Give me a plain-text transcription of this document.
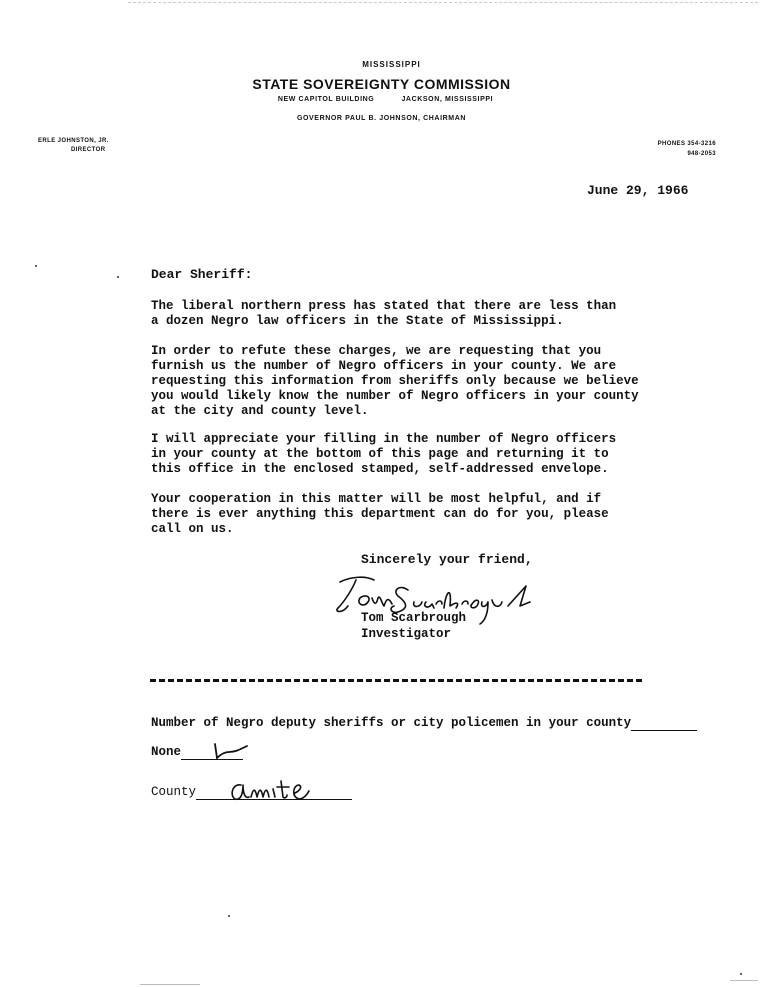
MISSISSIPPI
STATE SOVEREIGNTY COMMISSION
NEW CAPITOL BUILDING	JACKSON, MISSISSIPPI
GOVERNOR PAUL B. JOHNSON, CHAIRMAN
ERLE JOHNSTON, JR.
DIRECTOR
PHONES 354-3216
948-2053
June 29, 1966
Dear Sheriff:
The liberal northern press has stated that there are less than
a dozen Negro law officers in the State of Mississippi.
In order to refute these charges, we are requesting that you
furnish us the number of Negro officers in your county. We are
requesting this information from sheriffs only because we believe
you would likely know the number of Negro officers in your county
at the city and county level.
I will appreciate your filling in the number of Negro officers
in your county at the bottom of this page and returning it to
this office in the enclosed stamped, self-addressed envelope.
Your cooperation in this matter will be most helpful, and if
there is ever anything this department can do for you, please
call on us.
Sincerely your friend,
Tom Scarbrough
Investigator
Number of Negro deputy sheriffs or city policemen in your county
None
County
